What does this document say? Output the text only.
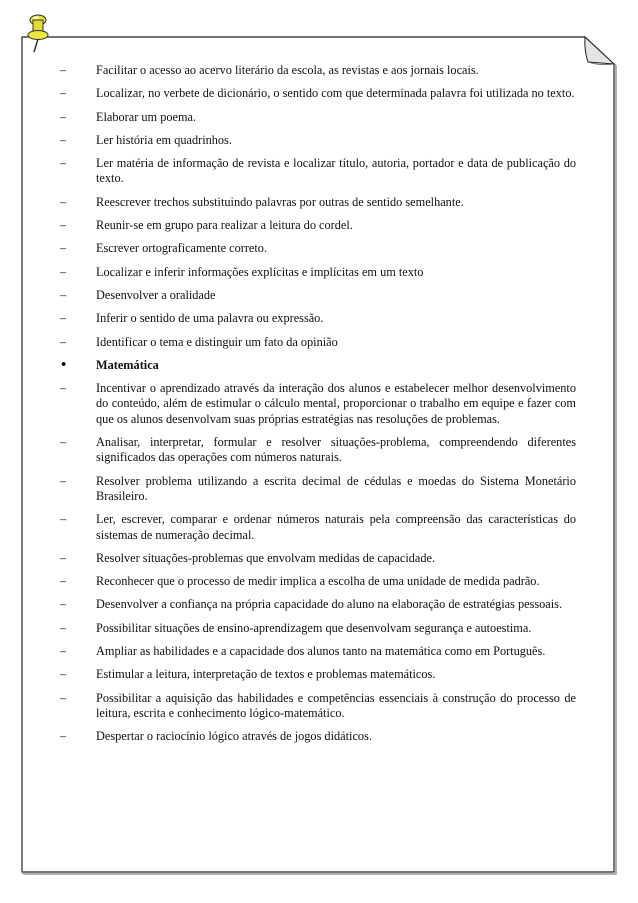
–	Facilitar o acesso ao acervo literário da escola, as revistas e aos jornais locais.
–	Localizar, no verbete de dicionário, o sentido com que determinada palavra foi utilizada no texto.
–	Elaborar um poema.
–	Ler história em quadrinhos.
–	Ler matéria de informação de revista e localizar título, autoria, portador e data de publicação do texto.
–	Reescrever trechos substituindo palavras por outras de sentido semelhante.
–	Reunir-se em grupo para realizar a leitura do cordel.
–	Escrever ortograficamente correto.
–	Localizar e inferir informações explícitas e implícitas em um texto
–	Desenvolver a oralidade
–	Inferir o sentido de uma palavra ou expressão.
–	Identificar o tema e distinguir um fato da opinião
•	Matemática
–	Incentivar o aprendizado através da interação dos alunos e estabelecer melhor desenvolvimento do conteúdo, além de estimular o cálculo mental, proporcionar o trabalho em equipe e fazer com que os alunos desenvolvam suas próprias estratégias nas resoluções de problemas.
–	Analisar, interpretar, formular e resolver situações-problema, compreendendo diferentes significados das operações com números naturais.
–	Resolver problema utilizando a escrita decimal de cédulas e moedas do Sistema Monetário Brasileiro.
–	Ler, escrever, comparar e ordenar números naturais pela compreensão das características do sistemas de numeração decimal.
–	Resolver situações-problemas que envolvam medidas de capacidade.
–	Reconhecer que o processo de medir implica a escolha de uma unidade de medida padrão.
–	Desenvolver a confiança na própria capacidade do aluno na elaboração de estratégias pessoais.
–	Possibilitar situações de ensino-aprendizagem que desenvolvam segurança e autoestima.
–	Ampliar as habilidades e a capacidade dos alunos tanto na matemática como em Português.
–	Estimular a leitura, interpretação de textos e problemas matemáticos.
–	Possibilitar a aquisição das habilidades e competências essenciais à construção do processo de leitura, escrita e conhecimento lógico-matemático.
–	Despertar o raciocínio lógico através de jogos didáticos.
